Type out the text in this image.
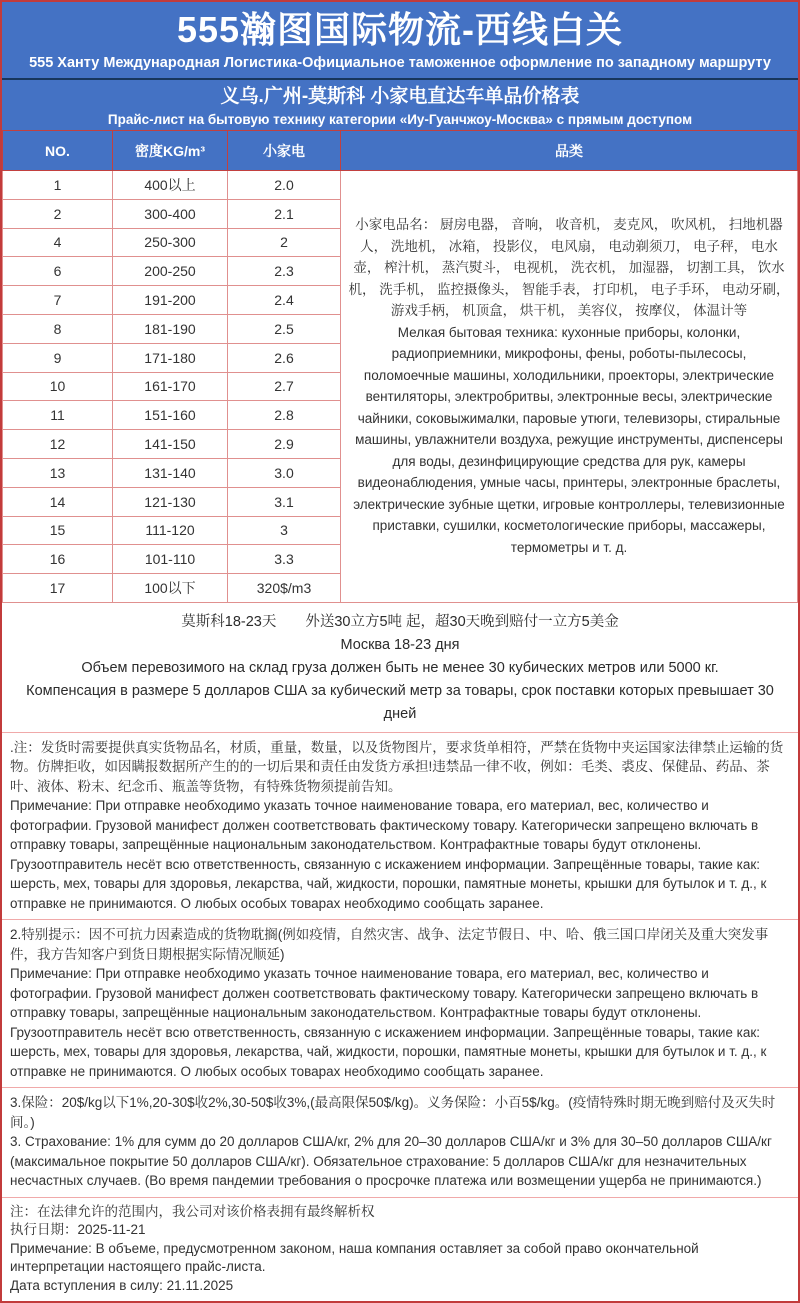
555瀚图国际物流-西线白关
555 Ханту Международная Логистика-Официальное таможенное оформление по западному маршруту
义乌.广州-莫斯科 小家电直达车单品价格表
Прайс-лист на бытовую технику категории «Иу-Гуанчжоу-Москва» с прямым доступом
NO.	密度KG/m³	小家电	品类
1	400以上	2.0	小家电品名： 厨房电器， 音响， 收音机， 麦克风， 吹风机， 扫地机器人， 洗地机， 冰箱， 投影仪， 电风扇， 电动剃须刀， 电子秤， 电水壶， 榨汁机， 蒸汽熨斗， 电视机， 洗衣机， 加湿器， 切割工具， 饮水机， 洗手机， 监控摄像头， 智能手表， 打印机， 电子手环， 电动牙刷， 游戏手柄， 机顶盒， 烘干机， 美容仪， 按摩仪， 体温计等

Мелкая бытовая техника: кухонные приборы, колонки, радиоприемники, микрофоны, фены, роботы-пылесосы, поломоечные машины, холодильники, проекторы, электрические вентиляторы, электробритвы, электронные весы, электрические чайники, соковыжималки, паровые утюги, телевизоры, стиральные машины, увлажнители воздуха, режущие инструменты, диспенсеры для воды, дезинфицирующие средства для рук, камеры видеонаблюдения, умные часы, принтеры, электронные браслеты, электрические зубные щетки, игровые контроллеры, телевизионные приставки, сушилки, косметологические приборы, массажеры, термометры и т. д.

2	300-400	2.1	
4	250-300	2	
6	200-250	2.3	
7	191-200	2.4	
8	181-190	2.5	
9	171-180	2.6	
10	161-170	2.7	
11	151-160	2.8	
12	141-150	2.9	
13	131-140	3.0	
14	121-130	3.1	
15	111-120	3	
16	101-110	3.3	
17	100以下	320$/m3	

莫斯科18-23天　　外送30立方5吨 起，超30天晚到赔付一立方5美金

Москва 18-23 дня

Объем перевозимого на склад груза должен быть не менее 30 кубических метров или 5000 кг.

Компенсация в размере 5 долларов США за кубический метр за товары, срок поставки которых превышает 30 дней

.注：发货时需要提供真实货物品名，材质，重量，数量，以及货物图片，要求货单相符，严禁在货物中夹运国家法律禁止运输的货物。仿牌拒收，如因瞒报数据所产生的的一切后果和责任由发货方承担!违禁品一律不收，例如：毛类、裘皮、保健品、药品、茶叶、液体、粉末、纪念币、瓶盖等货物，有特殊货物须提前告知。

Примечание: При отправке необходимо указать точное наименование товара, его материал, вес, количество и фотографии. Грузовой манифест должен соответствовать фактическому товару. Категорически запрещено включать в отправку товары, запрещённые национальным законодательством. Контрафактные товары будут отклонены. Грузоотправитель несёт всю ответственность, связанную с искажением информации. Запрещённые товары, такие как: шерсть, мех, товары для здоровья, лекарства, чай, жидкости, порошки, памятные монеты, крышки для бутылок и т. д., к отправке не принимаются. О любых особых товарах необходимо сообщать заранее.

2.特别提示：因不可抗力因素造成的货物耽搁(例如疫情，自然灾害、战争、法定节假日、中、哈、俄三国口岸闭关及重大突发事件，我方告知客户到货日期根据实际情况顺延)

Примечание: При отправке необходимо указать точное наименование товара, его материал, вес, количество и фотографии. Грузовой манифест должен соответствовать фактическому товару. Категорически запрещено включать в отправку товары, запрещённые национальным законодательством. Контрафактные товары будут отклонены. Грузоотправитель несёт всю ответственность, связанную с искажением информации. Запрещённые товары, такие как: шерсть, мех, товары для здоровья, лекарства, чай, жидкости, порошки, памятные монеты, крышки для бутылок и т. д., к отправке не принимаются. О любых особых товарах необходимо сообщать заранее.

3.保险：20$/kg以下1%,20-30$收2%,30-50$收3%,(最高限保50$/kg)。义务保险：小百5$/kg。(疫情特殊时期无晚到赔付及灭失时间。)

3. Страхование: 1% для сумм до 20 долларов США/кг, 2% для 20–30 долларов США/кг и 3% для 30–50 долларов США/кг (максимальное покрытие 50 долларов США/кг). Обязательное страхование: 5 долларов США/кг для незначительных несчастных случаев. (Во время пандемии требования о просрочке платежа или возмещении ущерба не принимаются.)

注：在法律允许的范围内，我公司对该价格表拥有最终解析权

执行日期：2025-11-21

Примечание: В объеме, предусмотренном законом, наша компания оставляет за собой право окончательной интерпретации настоящего прайс-листа.

Дата вступления в силу: 21.11.2025
